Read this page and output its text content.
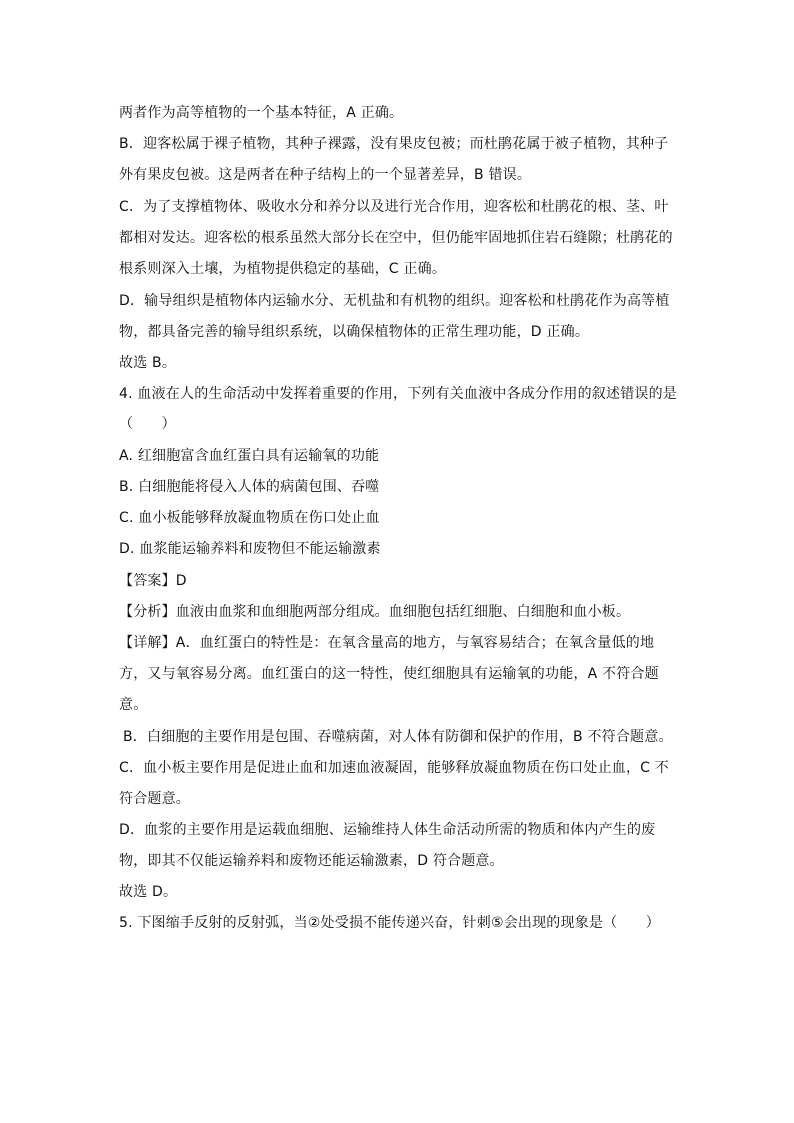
两者作为高等植物的一个基本特征，A 正确。
B．迎客松属于裸子植物，其种子裸露，没有果皮包被；而杜鹃花属于被子植物，其种子
外有果皮包被。这是两者在种子结构上的一个显著差异，B 错误。
C．为了支撑植物体、吸收水分和养分以及进行光合作用，迎客松和杜鹃花的根、茎、叶
都相对发达。迎客松的根系虽然大部分长在空中，但仍能牢固地抓住岩石缝隙；杜鹃花的
根系则深入土壤，为植物提供稳定的基础，C 正确。
D．输导组织是植物体内运输水分、无机盐和有机物的组织。迎客松和杜鹃花作为高等植
物，都具备完善的输导组织系统，以确保植物体的正常生理功能，D 正确。
故选 B。
4. 血液在人的生命活动中发挥着重要的作用，下列有关血液中各成分作用的叙述错误的是
（　　）
A. 红细胞富含血红蛋白具有运输氧的功能
B. 白细胞能将侵入人体的病菌包围、吞噬
C. 血小板能够释放凝血物质在伤口处止血
D. 血浆能运输养料和废物但不能运输激素
【答案】D
【分析】血液由血浆和血细胞两部分组成。血细胞包括红细胞、白细胞和血小板。
【详解】A．血红蛋白的特性是：在氧含量高的地方，与氧容易结合；在氧含量低的地
方，又与氧容易分离。血红蛋白的这一特性，使红细胞具有运输氧的功能，A 不符合题
意。
B．白细胞的主要作用是包围、吞噬病菌，对人体有防御和保护的作用，B 不符合题意。
C．血小板主要作用是促进止血和加速血液凝固，能够释放凝血物质在伤口处止血，C 不
符合题意。
D．血浆的主要作用是运载血细胞、运输维持人体生命活动所需的物质和体内产生的废
物，即其不仅能运输养料和废物还能运输激素，D 符合题意。
故选 D。
5. 下图缩手反射的反射弧，当②处受损不能传递兴奋，针刺⑤会出现的现象是（　　）
